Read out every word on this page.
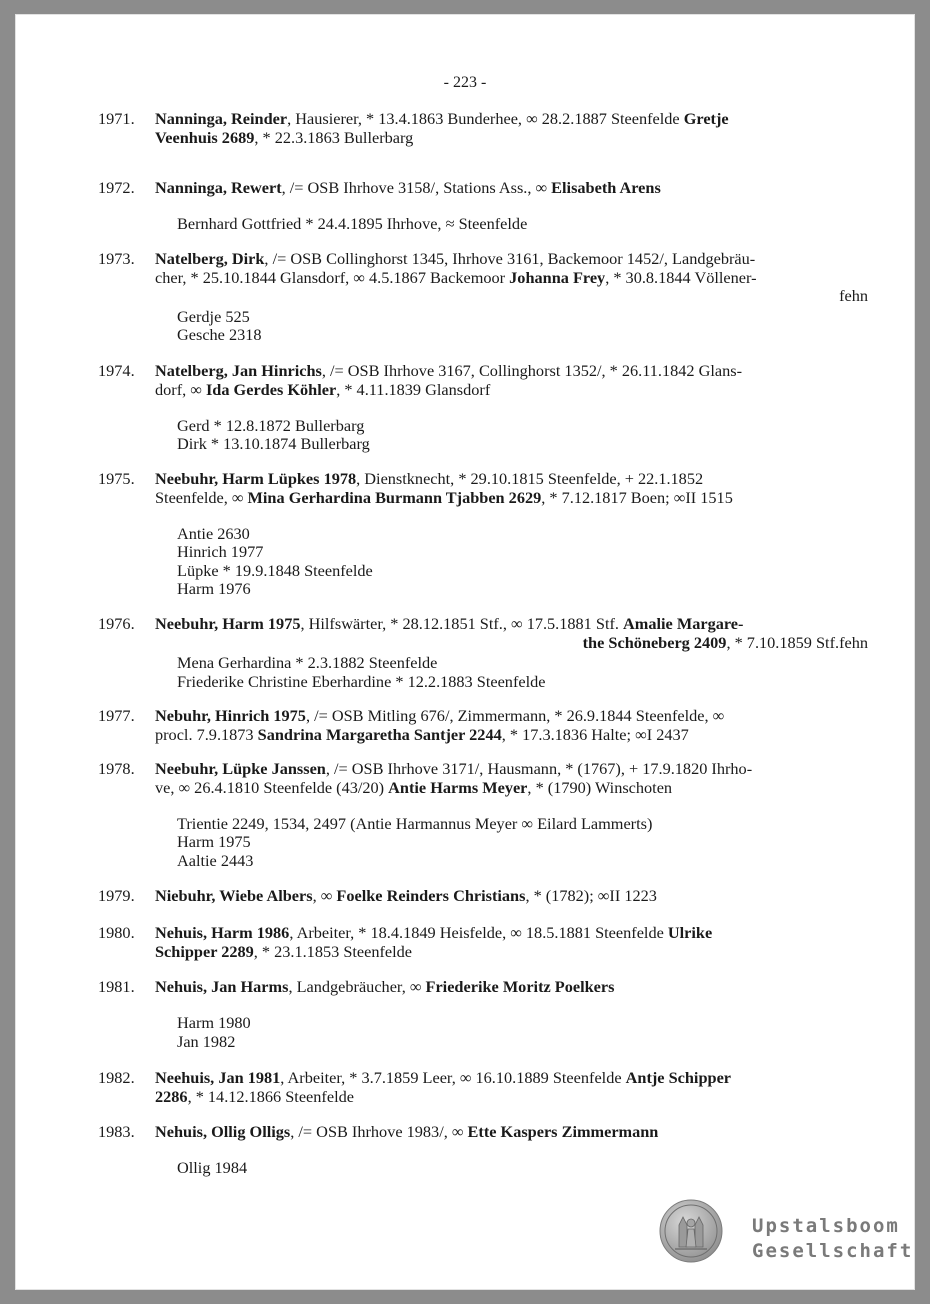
- 223 -
1971. Nanninga, Reinder, Hausierer, * 13.4.1863 Bunderhee, ∞ 28.2.1887 Steenfelde Gretje
Veenhuis 2689, * 22.3.1863 Bullerbarg
1972. Nanninga, Rewert, /= OSB Ihrhove 3158/, Stations Ass., ∞ Elisabeth Arens
Bernhard Gottfried * 24.4.1895 Ihrhove, ≈ Steenfelde
1973. Natelberg, Dirk, /= OSB Collinghorst 1345, Ihrhove 3161, Backemoor 1452/, Landgebräu-
cher, * 25.10.1844 Glansdorf, ∞ 4.5.1867 Backemoor Johanna Frey, * 30.8.1844 Völlener-
fehn
Gerdje 525
Gesche 2318
1974. Natelberg, Jan Hinrichs, /= OSB Ihrhove 3167, Collinghorst 1352/, * 26.11.1842 Glans-
dorf, ∞ Ida Gerdes Köhler, * 4.11.1839 Glansdorf
Gerd * 12.8.1872 Bullerbarg
Dirk * 13.10.1874 Bullerbarg
1975. Neebuhr, Harm Lüpkes 1978, Dienstknecht, * 29.10.1815 Steenfelde, + 22.1.1852
Steenfelde, ∞ Mina Gerhardina Burmann Tjabben 2629, * 7.12.1817 Boen; ∞II 1515
Antie 2630
Hinrich 1977
Lüpke * 19.9.1848 Steenfelde
Harm 1976
1976. Neebuhr, Harm 1975, Hilfswärter, * 28.12.1851 Stf., ∞ 17.5.1881 Stf. Amalie Margare-
the Schöneberg 2409, * 7.10.1859 Stf.fehn
Mena Gerhardina * 2.3.1882 Steenfelde
Friederike Christine Eberhardine * 12.2.1883 Steenfelde
1977. Nebuhr, Hinrich 1975, /= OSB Mitling 676/, Zimmermann, * 26.9.1844 Steenfelde, ∞
procl. 7.9.1873 Sandrina Margaretha Santjer 2244, * 17.3.1836 Halte; ∞I 2437
1978. Neebuhr, Lüpke Janssen, /= OSB Ihrhove 3171/, Hausmann, * (1767), + 17.9.1820 Ihrho-
ve, ∞ 26.4.1810 Steenfelde (43/20) Antie Harms Meyer, * (1790) Winschoten
Trientie 2249, 1534, 2497 (Antie Harmannus Meyer ∞ Eilard Lammerts)
Harm 1975
Aaltie 2443
1979. Niebuhr, Wiebe Albers, ∞ Foelke Reinders Christians, * (1782); ∞II 1223
1980. Nehuis, Harm 1986, Arbeiter, * 18.4.1849 Heisfelde, ∞ 18.5.1881 Steenfelde Ulrike
Schipper 2289, * 23.1.1853 Steenfelde
1981. Nehuis, Jan Harms, Landgebräucher, ∞ Friederike Moritz Poelkers
Harm 1980
Jan 1982
1982. Neehuis, Jan 1981, Arbeiter, * 3.7.1859 Leer, ∞ 16.10.1889 Steenfelde Antje Schipper
2286, * 14.12.1866 Steenfelde
1983. Nehuis, Ollig Olligs, /= OSB Ihrhove 1983/, ∞ Ette Kaspers Zimmermann
Ollig 1984
Upstalsboom
Gesellschaft
